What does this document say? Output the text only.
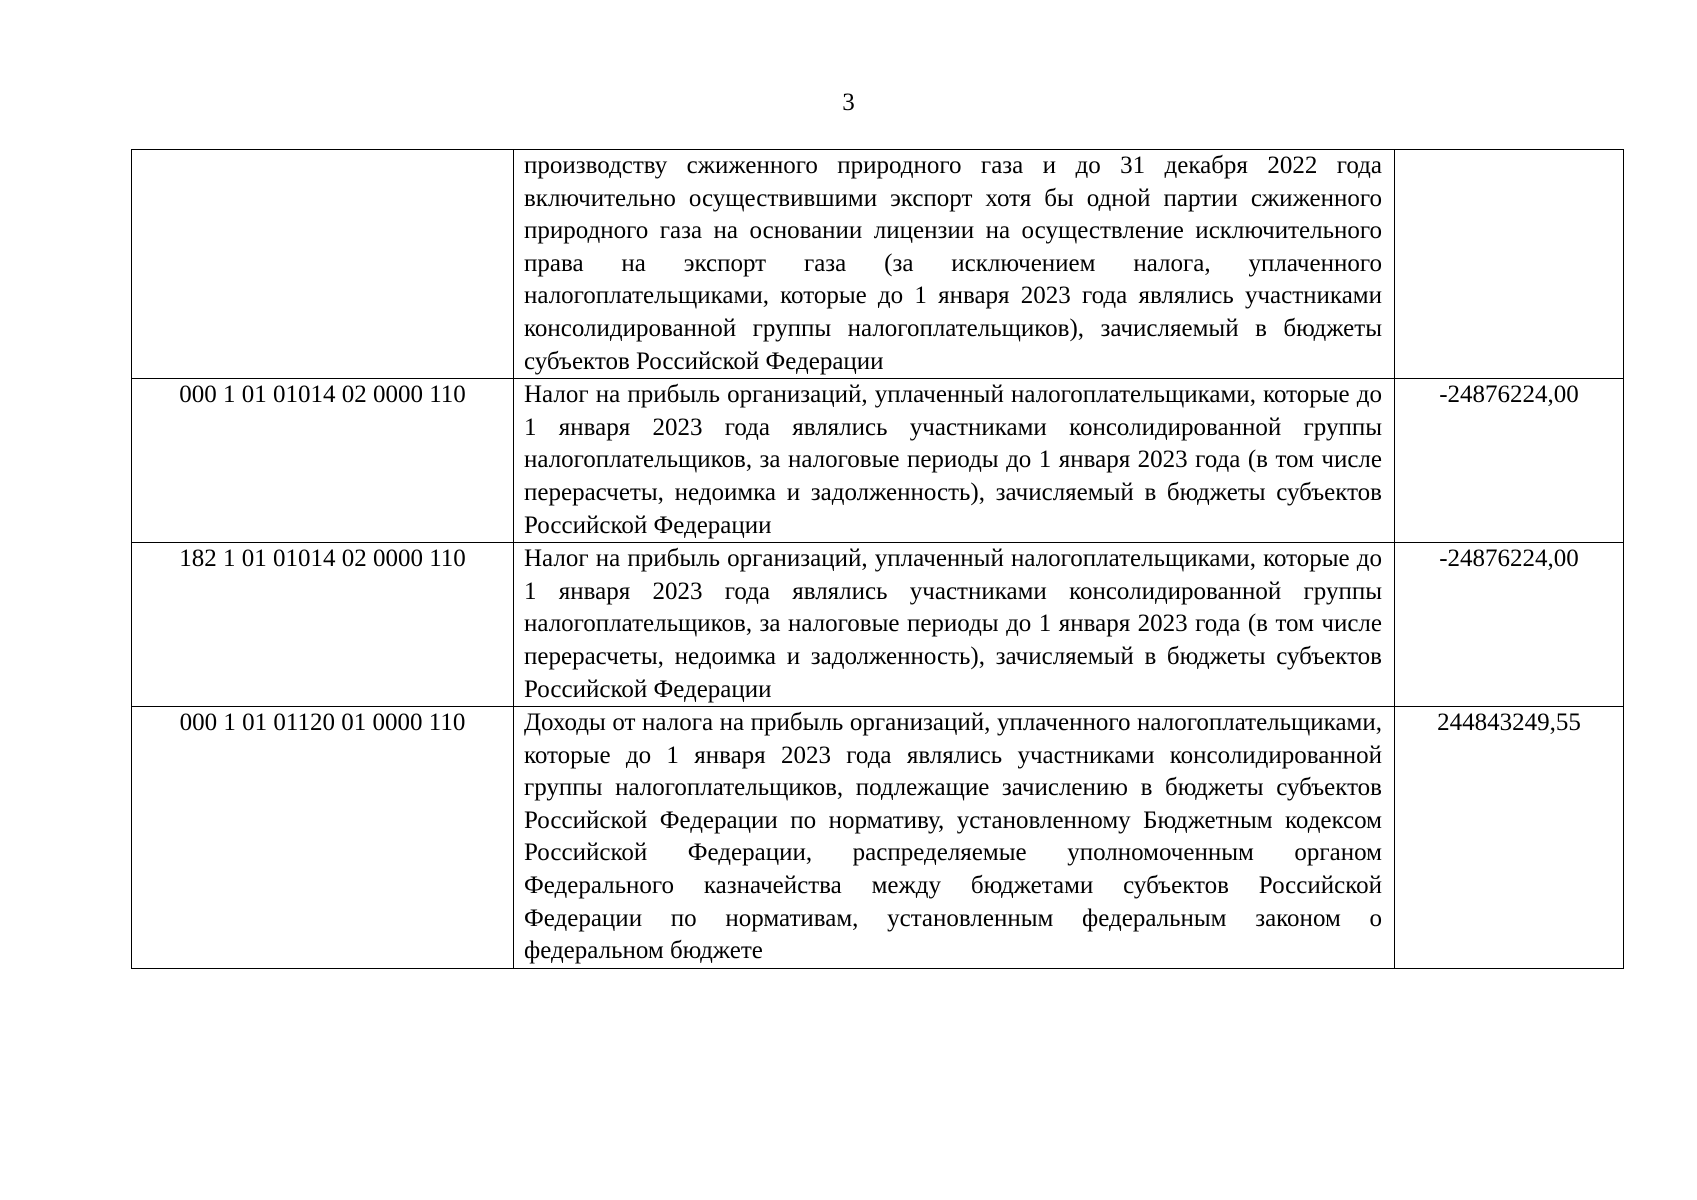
3
	производству сжиженного природного газа и до 31 декабря 2022 года включительно осуществившими экспорт хотя бы одной партии сжиженного природного газа на основании лицензии на осуществление исключительного права на экспорт газа (за исключением налога, уплаченного налогоплательщиками, которые до 1 января 2023 года являлись участниками консолидированной группы налогоплательщиков), зачисляемый в бюджеты субъектов Российской Федерации	
000 1 01 01014 02 0000 110	Налог на прибыль организаций, уплаченный налогоплательщиками, которые до 1 января 2023 года являлись участниками консолидированной группы налогоплательщиков, за налоговые периоды до 1 января 2023 года (в том числе перерасчеты, недоимка и задолженность), зачисляемый в бюджеты субъектов Российской Федерации	-24876224,00
182 1 01 01014 02 0000 110	Налог на прибыль организаций, уплаченный налогоплательщиками, которые до 1 января 2023 года являлись участниками консолидированной группы налогоплательщиков, за налоговые периоды до 1 января 2023 года (в том числе перерасчеты, недоимка и задолженность), зачисляемый в бюджеты субъектов Российской Федерации	-24876224,00
000 1 01 01120 01 0000 110	Доходы от налога на прибыль организаций, уплаченного налогоплательщиками, которые до 1 января 2023 года являлись участниками консолидированной группы налогоплательщиков, подлежащие зачислению в бюджеты субъектов Российской Федерации по нормативу, установленному Бюджетным кодексом Российской Федерации, распределяемые уполномоченным органом Федерального казначейства между бюджетами субъектов Российской Федерации по нормативам, установленным федеральным законом о федеральном бюджете	244843249,55
